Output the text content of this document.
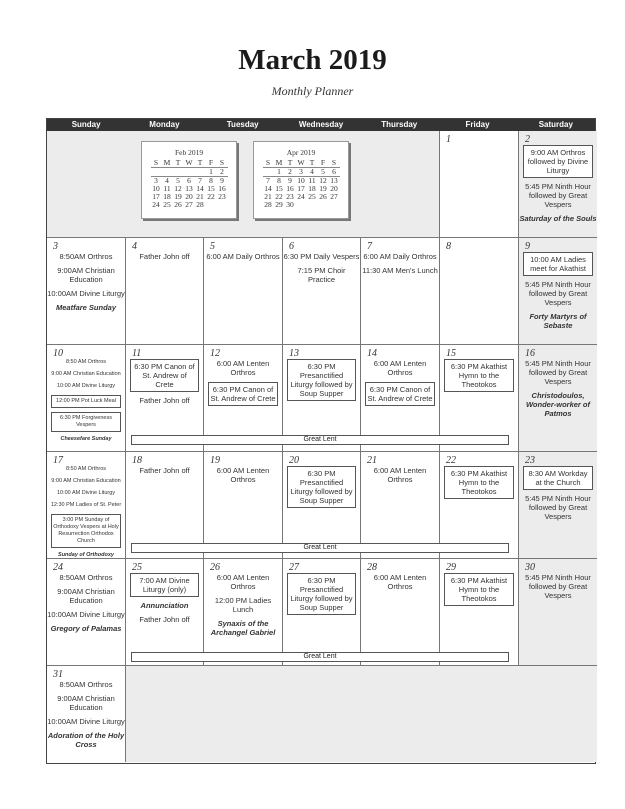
March 2019
Monthly Planner
Sunday	Monday	Tuesday	Wednesday	Thursday	Friday	Saturday
Feb 2019
S	M	T	W	T	F	S
					1	2
3	4	5	6	7	8	9
10	11	12	13	14	15	16
17	18	19	20	21	22	23
24	25	26	27	28		
Apr 2019
S	M	T	W	T	F	S
	1	2	3	4	5	6
7	8	9	10	11	12	13
14	15	16	17	18	19	20
21	22	23	24	25	26	27
28	29	30				
1	2
9:00 AM Orthros followed by Divine Liturgy

5:45 PM Ninth Hour followed by Great Vespers

Saturday of the Souls

3

8:50AM Orthros

9:00AM Christian Education

10:00AM Divine Liturgy

Meatfare Sunday

4

Father John off

5

6:00 AM Daily Orthros

6

6:30 PM Daily Vespers

7:15 PM Choir Practice

7

6:00 AM Daily Orthros

11:30 AM Men's Lunch

8	9
10:00 AM Ladies meet for Akathist

5:45 PM Ninth Hour followed by Great Vespers

Forty Martyrs of Sebaste

10

8:50 AM Orthros

9:00 AM Christian Education

10:00 AM Divine Liturgy

12:00 PM Pot Luck Meal
6:30 PM Forgiveness Vespers

Cheesefare Sunday

11
6:30 PM Canon of St. Andrew of Crete

Father John off

12

6:00 AM Lenten Orthros

6:30 PM Canon of St. Andrew of Crete
13
6:30 PM Presanctified Liturgy followed by Soup Supper
14

6:00 AM Lenten Orthros

6:30 PM Canon of St. Andrew of Crete
15
6:30 PM Akathist Hymn to the Theotokos
16

5:45 PM Ninth Hour followed by Great Vespers

Christodoulos, Wonder-worker of Patmos

Great Lent
17

8:50 AM Orthros

9:00 AM Christian Education

10:00 AM Divine Liturgy

12:30 PM Ladies of St. Peter

3:00 PM Sunday of Orthodoxy Vespers at Holy Resurrection Orthodox Church

Sunday of Orthodoxy

18

Father John off

19

6:00 AM Lenten Orthros

20
6:30 PM Presanctified Liturgy followed by Soup Supper
21

6:00 AM Lenten Orthros

22
6:30 PM Akathist Hymn to the Theotokos
23
8:30 AM Workday at the Church

5:45 PM Ninth Hour followed by Great Vespers

Great Lent
24

8:50AM Orthros

9:00AM Christian Education

10:00AM Divine Liturgy

Gregory of Palamas

25
7:00 AM Divine Liturgy (only)

Annunciation

Father John off

26

6:00 AM Lenten Orthros

12:00 PM Ladies Lunch

Synaxis of the Archangel Gabriel

27
6:30 PM Presanctified Liturgy followed by Soup Supper
28

6:00 AM Lenten Orthros

29
6:30 PM Akathist Hymn to the Theotokos
30

5:45 PM Ninth Hour followed by Great Vespers

Great Lent
31

8:50AM Orthros

9:00AM Christian Education

10:00AM Divine Liturgy

Adoration of the Holy Cross
